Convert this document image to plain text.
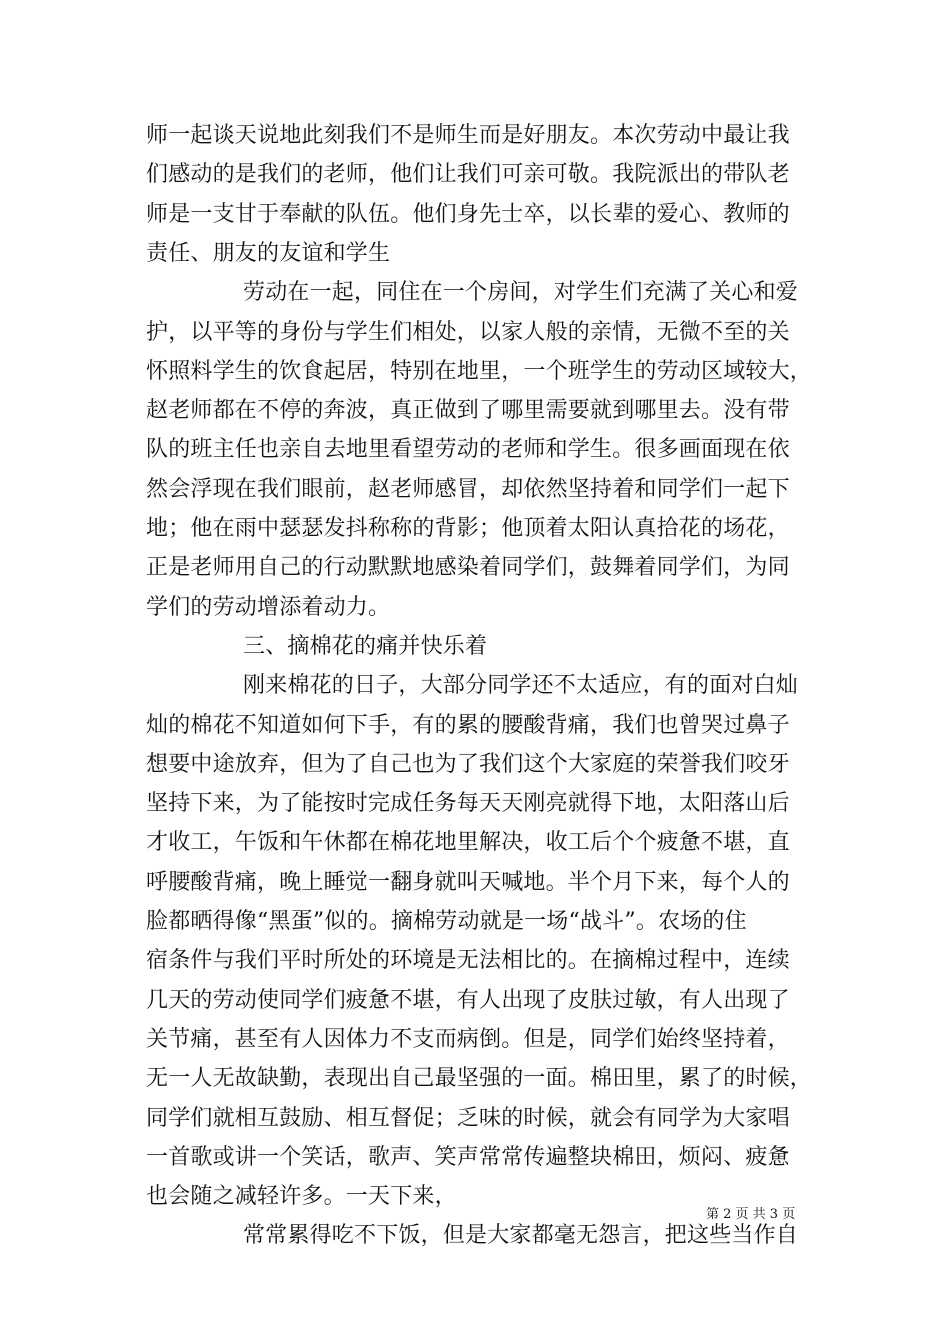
师一起谈天说地此刻我们不是师生而是好朋友。本次劳动中最让我
们感动的是我们的老师，他们让我们可亲可敬。我院派出的带队老
师是一支甘于奉献的队伍。他们身先士卒，以长辈的爱心、教师的
责任、朋友的友谊和学生
劳动在一起，同住在一个房间，对学生们充满了关心和爱
护，以平等的身份与学生们相处，以家人般的亲情，无微不至的关
怀照料学生的饮食起居，特别在地里，一个班学生的劳动区域较大，
赵老师都在不停的奔波，真正做到了哪里需要就到哪里去。没有带
队的班主任也亲自去地里看望劳动的老师和学生。很多画面现在依
然会浮现在我们眼前，赵老师感冒，却依然坚持着和同学们一起下
地；他在雨中瑟瑟发抖称称的背影；他顶着太阳认真拾花的场花，
正是老师用自己的行动默默地感染着同学们，鼓舞着同学们，为同
学们的劳动增添着动力。
三、摘棉花的痛并快乐着
刚来棉花的日子，大部分同学还不太适应，有的面对白灿
灿的棉花不知道如何下手，有的累的腰酸背痛，我们也曾哭过鼻子
想要中途放弃，但为了自己也为了我们这个大家庭的荣誉我们咬牙
坚持下来，为了能按时完成任务每天天刚亮就得下地，太阳落山后
才收工，午饭和午休都在棉花地里解决，收工后个个疲惫不堪，直
呼腰酸背痛，晚上睡觉一翻身就叫天喊地。半个月下来，每个人的
脸都晒得像“黑蛋”似的。摘棉劳动就是一场“战斗”。农场的住
宿条件与我们平时所处的环境是无法相比的。在摘棉过程中，连续
几天的劳动使同学们疲惫不堪，有人出现了皮肤过敏，有人出现了
关节痛，甚至有人因体力不支而病倒。但是，同学们始终坚持着，
无一人无故缺勤，表现出自己最坚强的一面。棉田里，累了的时候，
同学们就相互鼓励、相互督促；乏味的时候，就会有同学为大家唱
一首歌或讲一个笑话，歌声、笑声常常传遍整块棉田，烦闷、疲惫
也会随之减轻许多。一天下来，
常常累得吃不下饭，但是大家都毫无怨言，把这些当作自
第 2 页 共 3 页
